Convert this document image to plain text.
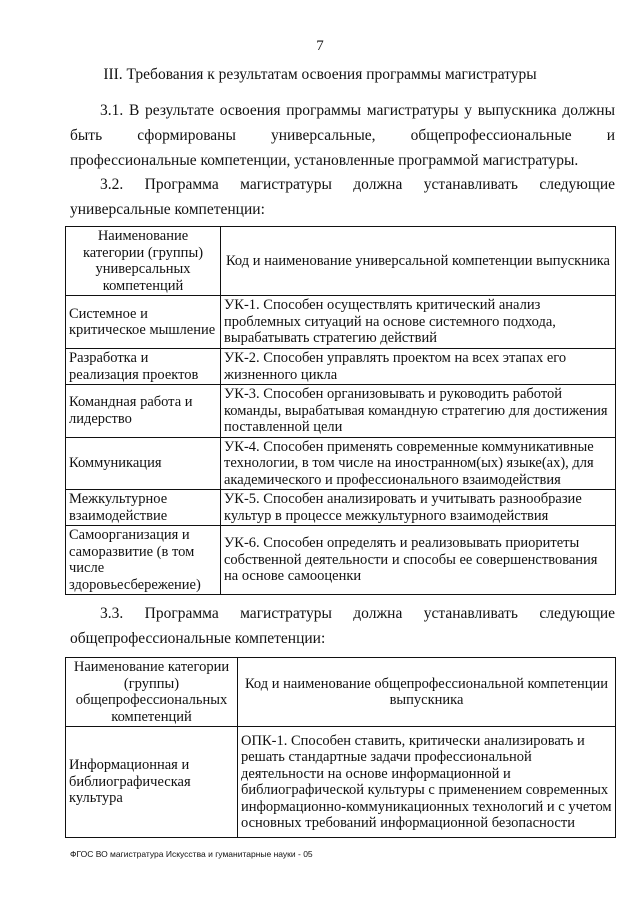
7
III. Требования к результатам освоения программы магистратуры
3.1. В результате освоения программы магистратуры у выпускника должны быть сформированы универсальные, общепрофессиональные и профессиональные компетенции, установленные программой магистратуры.
3.2. Программа магистратуры должна устанавливать следующие универсальные компетенции:
Наименование категории (группы) универсальных компетенций	Код и наименование универсальной компетенции выпускника
Системное и критическое мышление	УК-1. Способен осуществлять критический анализ проблемных ситуаций на основе системного подхода, вырабатывать стратегию действий
Разработка и реализация проектов	УК-2. Способен управлять проектом на всех этапах его жизненного цикла
Командная работа и лидерство	УК-3. Способен организовывать и руководить работой команды, вырабатывая командную стратегию для достижения поставленной цели
Коммуникация	УК-4. Способен применять современные коммуникативные технологии, в том числе на иностранном(ых) языке(ах), для академического и профессионального взаимодействия
Межкультурное взаимодействие	УК-5. Способен анализировать и учитывать разнообразие культур в процессе межкультурного взаимодействия
Самоорганизация и саморазвитие (в том числе здоровьесбережение)	УК-6. Способен определять и реализовывать приоритеты собственной деятельности и способы ее совершенствования на основе самооценки
3.3. Программа магистратуры должна устанавливать следующие
общепрофессиональные компетенции:
Наименование категории (группы) общепрофессиональных компетенций	Код и наименование общепрофессиональной компетенции выпускника
Информационная и библиографическая культура	ОПК-1. Способен ставить, критически анализировать и решать стандартные задачи профессиональной деятельности на основе информационной и библиографической культуры с применением современных информационно-коммуникационных технологий и с учетом основных требований информационной безопасности
ФГОС ВО магистратура Искусства и гуманитарные науки - 05
